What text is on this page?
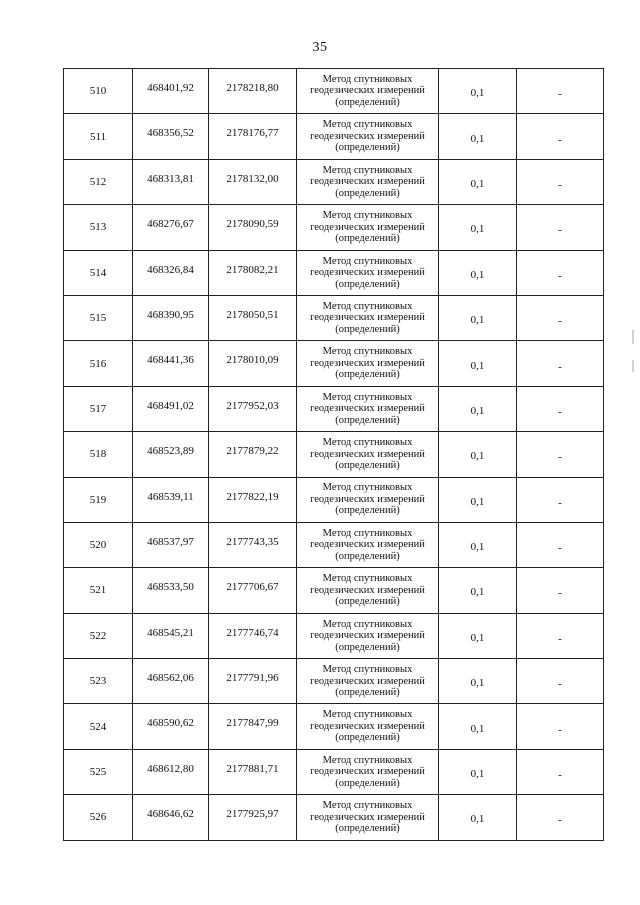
35
510	468401,92	2178218,80	Метод спутниковых
геодезических измерений
(определений)	0,1	-
511	468356,52	2178176,77	Метод спутниковых
геодезических измерений
(определений)	0,1	-
512	468313,81	2178132,00	Метод спутниковых
геодезических измерений
(определений)	0,1	-
513	468276,67	2178090,59	Метод спутниковых
геодезических измерений
(определений)	0,1	-
514	468326,84	2178082,21	Метод спутниковых
геодезических измерений
(определений)	0,1	-
515	468390,95	2178050,51	Метод спутниковых
геодезических измерений
(определений)	0,1	-
516	468441,36	2178010,09	Метод спутниковых
геодезических измерений
(определений)	0,1	-
517	468491,02	2177952,03	Метод спутниковых
геодезических измерений
(определений)	0,1	-
518	468523,89	2177879,22	Метод спутниковых
геодезических измерений
(определений)	0,1	-
519	468539,11	2177822,19	Метод спутниковых
геодезических измерений
(определений)	0,1	-
520	468537,97	2177743,35	Метод спутниковых
геодезических измерений
(определений)	0,1	-
521	468533,50	2177706,67	Метод спутниковых
геодезических измерений
(определений)	0,1	-
522	468545,21	2177746,74	Метод спутниковых
геодезических измерений
(определений)	0,1	-
523	468562,06	2177791,96	Метод спутниковых
геодезических измерений
(определений)	0,1	-
524	468590,62	2177847,99	Метод спутниковых
геодезических измерений
(определений)	0,1	-
525	468612,80	2177881,71	Метод спутниковых
геодезических измерений
(определений)	0,1	-
526	468646,62	2177925,97	Метод спутниковых
геодезических измерений
(определений)	0,1	-
